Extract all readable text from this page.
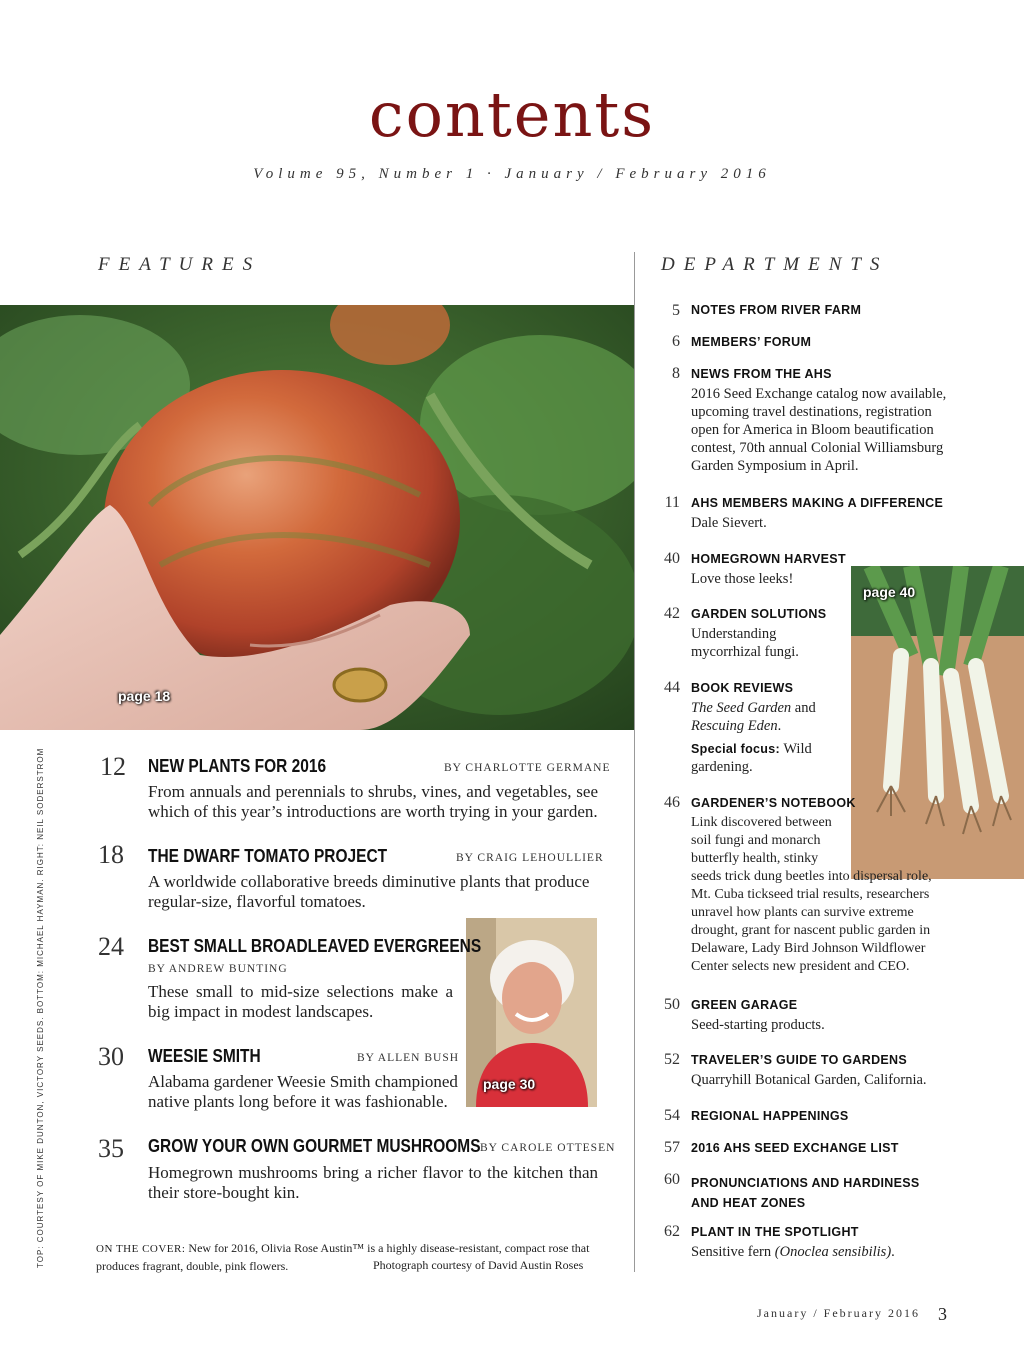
contents
Volume 95, Number 1 · January / February 2016
FEATURES	DEPARTMENTS
page 18
page 40
page 30
12 NEW PLANTS FOR 2016	BY CHARLOTTE GERMANE
From annuals and perennials to shrubs, vines, and vegetables, see which of this year’s introductions are worth trying in your garden.
18 THE DWARF TOMATO PROJECT	BY CRAIG LEHOULLIER
A worldwide collaborative breeds diminutive plants that produce regular-size, flavorful tomatoes.
24 BEST SMALL BROADLEAVED EVERGREENS
BY ANDREW BUNTING
These small to mid-size selections make a big impact in modest landscapes.
30 WEESIE SMITH	BY ALLEN BUSH
Alabama gardener Weesie Smith championed native plants long before it was fashionable.
35 GROW YOUR OWN GOURMET MUSHROOMS BY CAROLE OTTESEN
Homegrown mushrooms bring a richer flavor to the kitchen than their store-bought kin.
ON THE COVER: New for 2016, Olivia Rose Austin™ is a highly disease-resistant, compact rose that produces fragrant, double, pink flowers.	Photograph courtesy of David Austin Roses
TOP: COURTESY OF MIKE DUNTON, VICTORY SEEDS. BOTTOM: MICHAEL HAYMAN. RIGHT: NEIL SODERSTROM
5 NOTES FROM RIVER FARM
6 MEMBERS’ FORUM
8 NEWS FROM THE AHS
2016 Seed Exchange catalog now available,
upcoming travel destinations, registration
open for America in Bloom beautification
contest, 70th annual Colonial Williamsburg
Garden Symposium in April.
11 AHS MEMBERS MAKING A DIFFERENCE
Dale Sievert.
40 HOMEGROWN HARVEST
Love those leeks!
42 GARDEN SOLUTIONS
Understanding
mycorrhizal fungi.
44 BOOK REVIEWS
The Seed Garden and
Rescuing Eden.
Special focus: Wild
gardening.
46 GARDENER’S NOTEBOOK
Link discovered between
soil fungi and monarch
butterfly health, stinky
seeds trick dung beetles into dispersal role,
Mt. Cuba tickseed trial results, researchers
unravel how plants can survive extreme
drought, grant for nascent public garden in
Delaware, Lady Bird Johnson Wildflower
Center selects new president and CEO.
50 GREEN GARAGE
Seed-starting products.
52 TRAVELER’S GUIDE TO GARDENS
Quarryhill Botanical Garden, California.
54 REGIONAL HAPPENINGS
57 2016 AHS SEED EXCHANGE LIST
60 PRONUNCIATIONS AND HARDINESS
AND HEAT ZONES
62 PLANT IN THE SPOTLIGHT
Sensitive fern (Onoclea sensibilis).
January / February 2016 3
